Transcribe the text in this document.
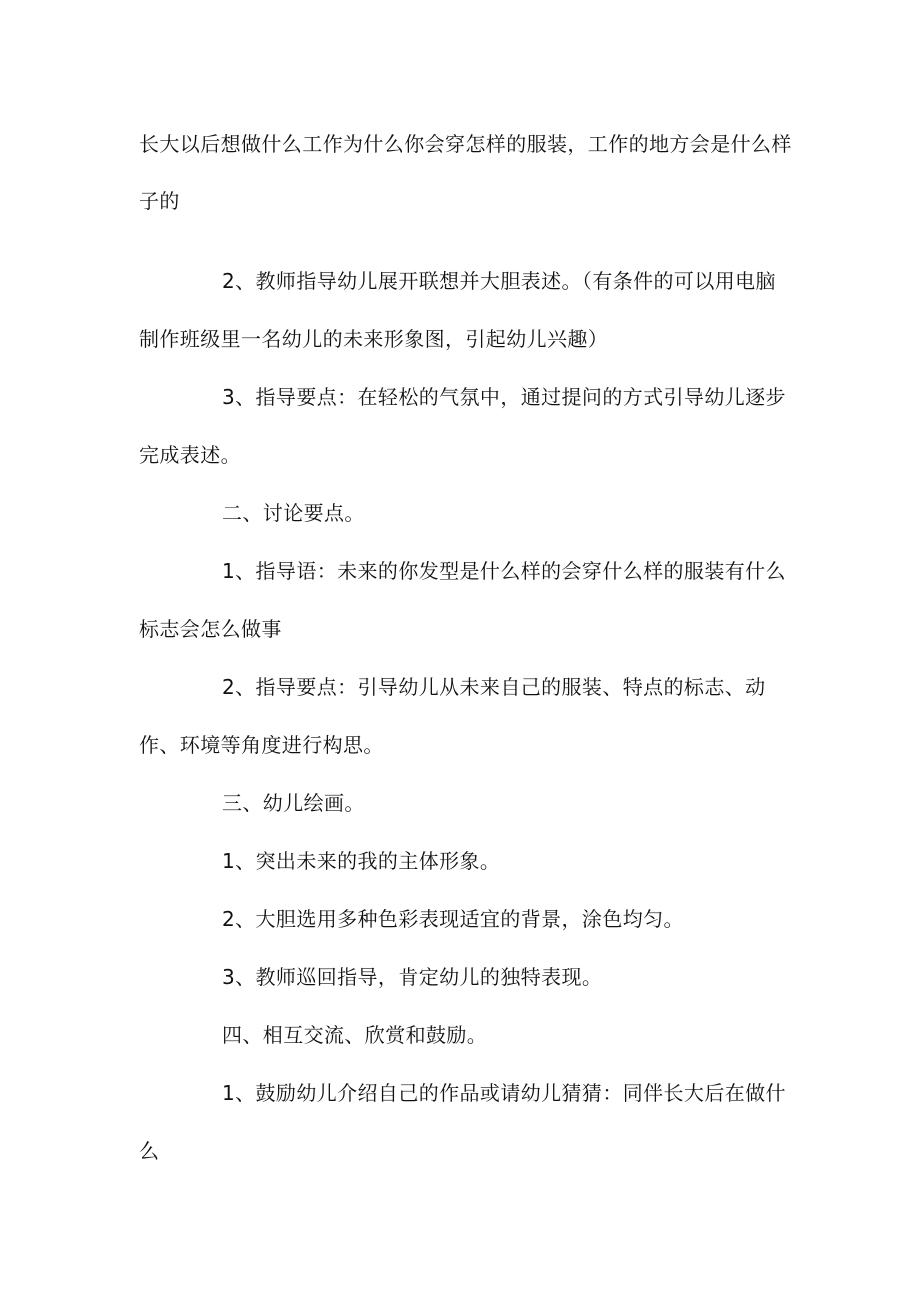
长大以后想做什么工作为什么你会穿怎样的服装，工作的地方会是什么样
子的
2、教师指导幼儿展开联想并大胆表述。（有条件的可以用电脑
制作班级里一名幼儿的未来形象图，引起幼儿兴趣）
3、指导要点：在轻松的气氛中，通过提问的方式引导幼儿逐步
完成表述。
二、讨论要点。
1、指导语：未来的你发型是什么样的会穿什么样的服装有什么
标志会怎么做事
2、指导要点：引导幼儿从未来自己的服装、特点的标志、动
作、环境等角度进行构思。
三、幼儿绘画。
1、突出未来的我的主体形象。
2、大胆选用多种色彩表现适宜的背景，涂色均匀。
3、教师巡回指导，肯定幼儿的独特表现。
四、相互交流、欣赏和鼓励。
1、鼓励幼儿介绍自己的作品或请幼儿猜猜：同伴长大后在做什
么
